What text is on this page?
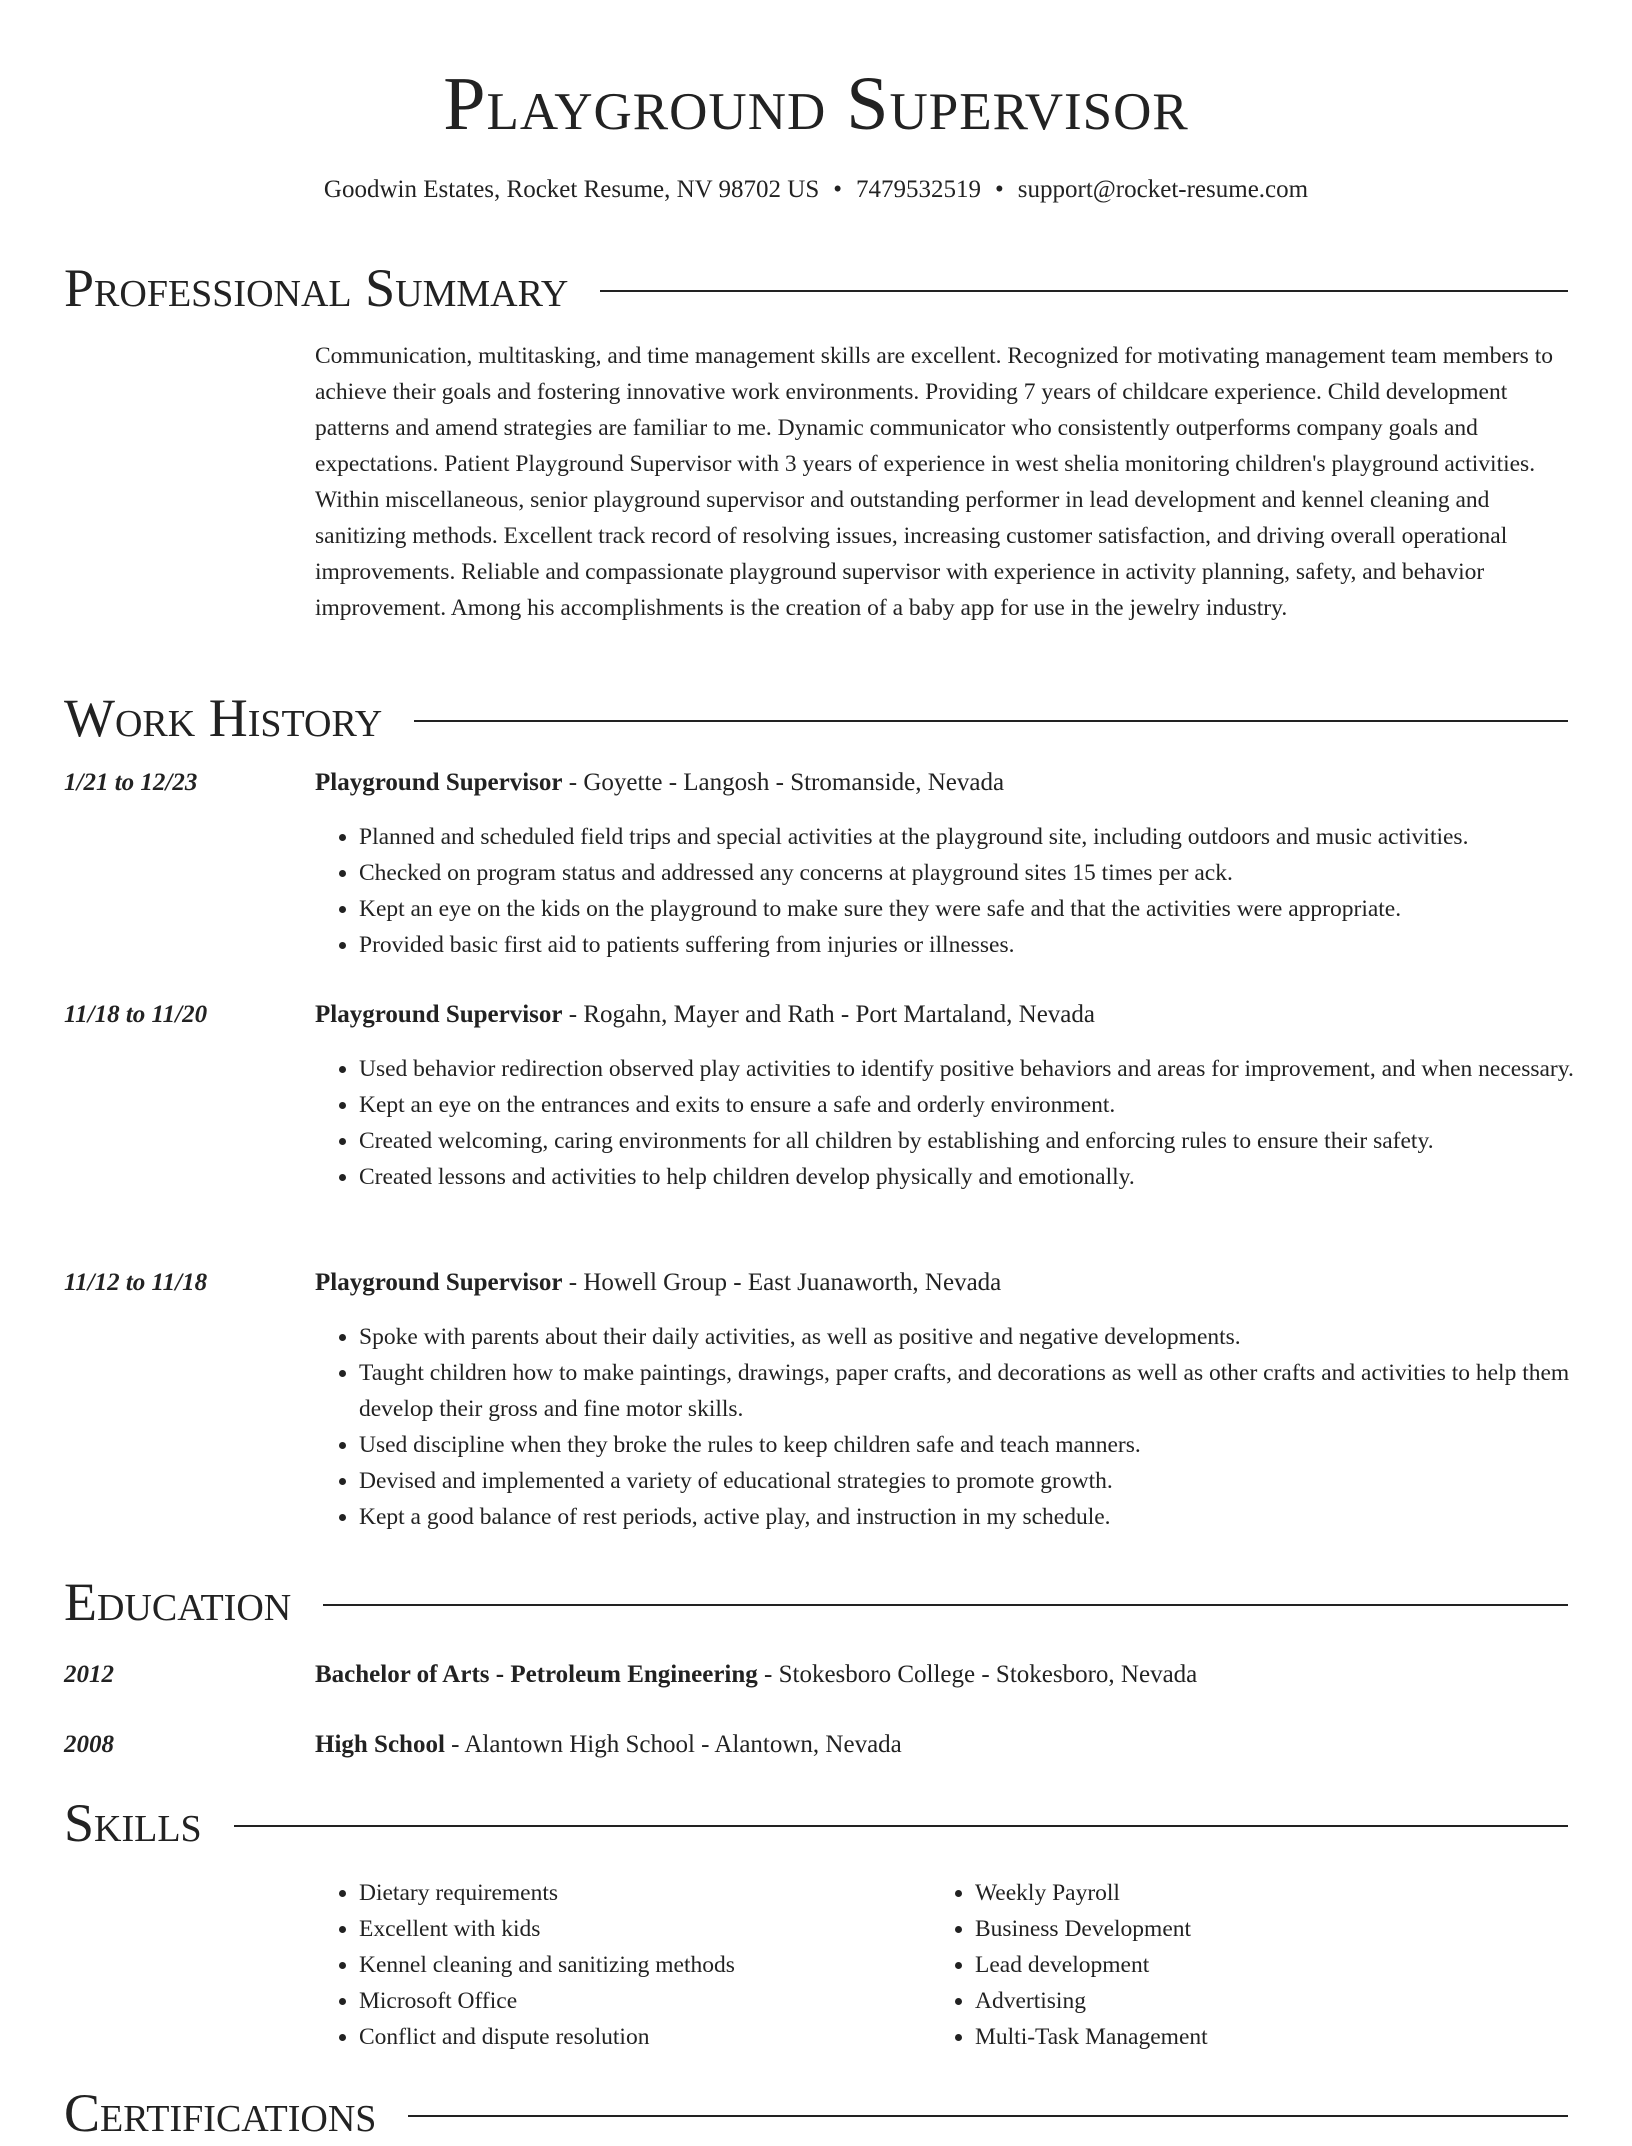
Playground Supervisor
Goodwin Estates, Rocket Resume, NV 98702 US • 7479532519 • support@rocket-resume.com
Professional Summary

Communication, multitasking, and time management skills are excellent. Recognized for motivating management team members to achieve their goals and fostering innovative work environments. Providing 7 years of childcare experience. Child development patterns and amend strategies are familiar to me. Dynamic communicator who consistently outperforms company goals and expectations. Patient Playground Supervisor with 3 years of experience in west shelia monitoring children's playground activities. Within miscellaneous, senior playground supervisor and outstanding performer in lead development and kennel cleaning and sanitizing methods. Excellent track record of resolving issues, increasing customer satisfaction, and driving overall operational improvements. Reliable and compassionate playground supervisor with experience in activity planning, safety, and behavior improvement. Among his accomplishments is the creation of a baby app for use in the jewelry industry.

Work History
1/21 to 12/23	Playground Supervisor - Goyette - Langosh - Stromanside, Nevada
• Planned and scheduled field trips and special activities at the playground site, including outdoors and music activities.
• Checked on program status and addressed any concerns at playground sites 15 times per ack.
• Kept an eye on the kids on the playground to make sure they were safe and that the activities were appropriate.
• Provided basic first aid to patients suffering from injuries or illnesses.
11/18 to 11/20	Playground Supervisor - Rogahn, Mayer and Rath - Port Martaland, Nevada
• Used behavior redirection observed play activities to identify positive behaviors and areas for improvement, and when necessary.
• Kept an eye on the entrances and exits to ensure a safe and orderly environment.
• Created welcoming, caring environments for all children by establishing and enforcing rules to ensure their safety.
• Created lessons and activities to help children develop physically and emotionally.
11/12 to 11/18	Playground Supervisor - Howell Group - East Juanaworth, Nevada
• Spoke with parents about their daily activities, as well as positive and negative developments.
• Taught children how to make paintings, drawings, paper crafts, and decorations as well as other crafts and activities to help them develop their gross and fine motor skills.
• Used discipline when they broke the rules to keep children safe and teach manners.
• Devised and implemented a variety of educational strategies to promote growth.
• Kept a good balance of rest periods, active play, and instruction in my schedule.
Education
2012	Bachelor of Arts - Petroleum Engineering - Stokesboro College - Stokesboro, Nevada
2008	High School - Alantown High School - Alantown, Nevada
Skills
• Dietary requirements
• Excellent with kids
• Kennel cleaning and sanitizing methods
• Microsoft Office
• Conflict and dispute resolution
• Weekly Payroll
• Business Development
• Lead development
• Advertising
• Multi-Task Management
Certifications
